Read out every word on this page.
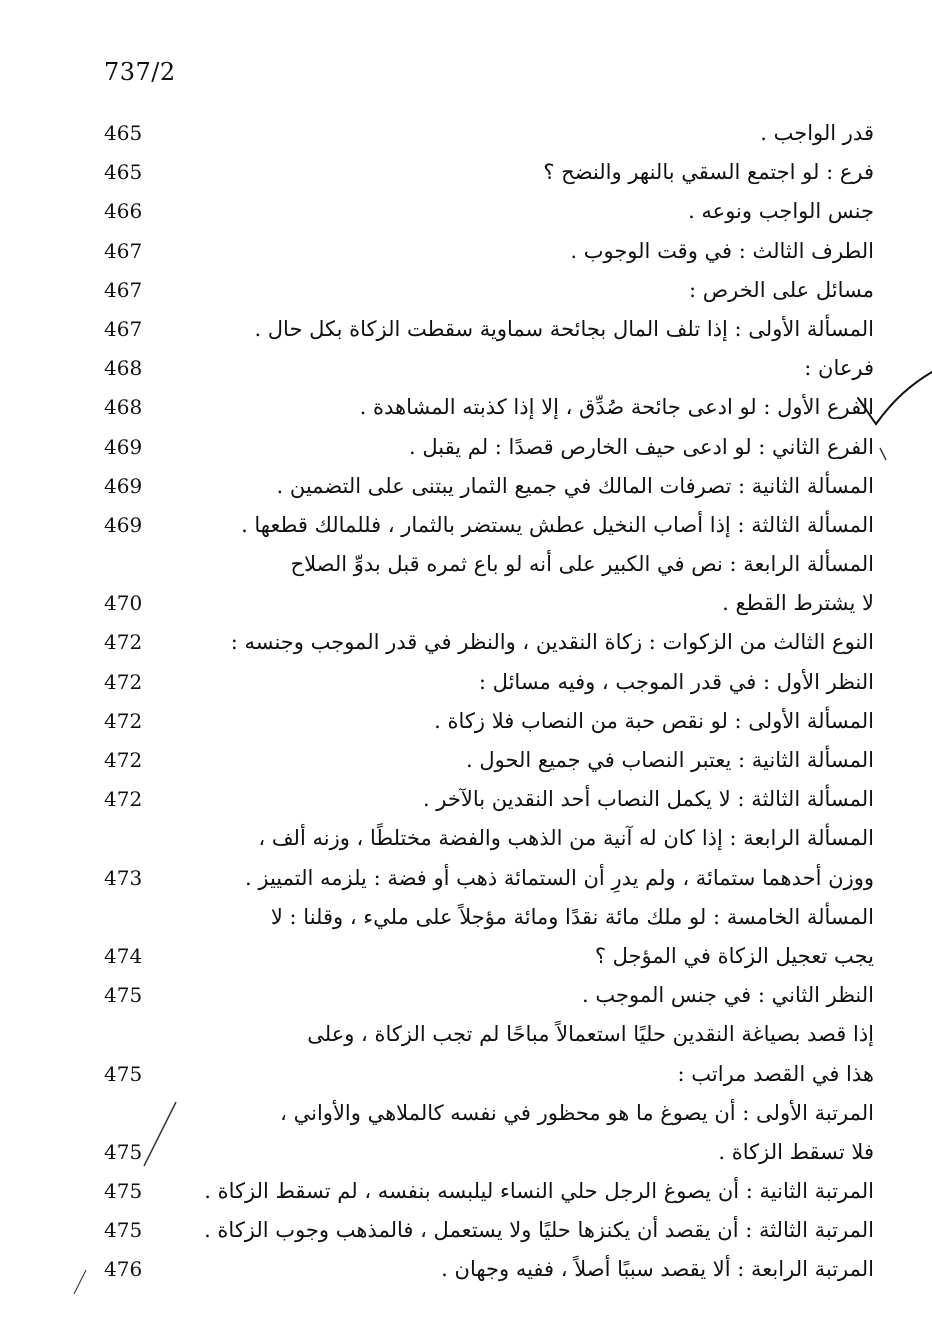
737/2
465	قدر الواجب .
465	فرع : لو اجتمع السقي بالنهر والنضح ؟
466	جنس الواجب ونوعه .
467	الطرف الثالث : في وقت الوجوب .
467	مسائل على الخرص :
467	المسألة الأولى : إذا تلف المال بجائحة سماوية سقطت الزكاة بكل حال .
468	فرعان :
468	الفرع الأول : لو ادعى جائحة صُدِّق ، إلا إذا كذبته المشاهدة .
469	الفرع الثاني : لو ادعى حيف الخارص قصدًا : لم يقبل .
469	المسألة الثانية : تصرفات المالك في جميع الثمار يبتنى على التضمين .
469	المسألة الثالثة : إذا أصاب النخيل عطش يستضر بالثمار ، فللمالك قطعها .
المسألة الرابعة : نص في الكبير على أنه لو باع ثمره قبل بدوِّ الصلاح
470	لا يشترط القطع .
472	النوع الثالث من الزكوات : زكاة النقدين ، والنظر في قدر الموجب وجنسه :
472	النظر الأول : في قدر الموجب ، وفيه مسائل :
472	المسألة الأولى : لو نقص حبة من النصاب فلا زكاة .
472	المسألة الثانية : يعتبر النصاب في جميع الحول .
472	المسألة الثالثة : لا يكمل النصاب أحد النقدين بالآخر .
المسألة الرابعة : إذا كان له آنية من الذهب والفضة مختلطًا ، وزنه ألف ،
473	ووزن أحدهما ستمائة ، ولم يدرِ أن الستمائة ذهب أو فضة : يلزمه التمييز .
المسألة الخامسة : لو ملك مائة نقدًا ومائة مؤجلاً على مليء ، وقلنا : لا
474	يجب تعجيل الزكاة في المؤجل ؟
475	النظر الثاني : في جنس الموجب .
إذا قصد بصياغة النقدين حليًا استعمالاً مباحًا لم تجب الزكاة ، وعلى
475	هذا في القصد مراتب :
المرتبة الأولى : أن يصوغ ما هو محظور في نفسه كالملاهي والأواني ،
475	فلا تسقط الزكاة .
475	المرتبة الثانية : أن يصوغ الرجل حلي النساء ليلبسه بنفسه ، لم تسقط الزكاة .
475	المرتبة الثالثة : أن يقصد أن يكنزها حليًا ولا يستعمل ، فالمذهب وجوب الزكاة .
476	المرتبة الرابعة : ألا يقصد سببًا أصلاً ، ففيه وجهان .
